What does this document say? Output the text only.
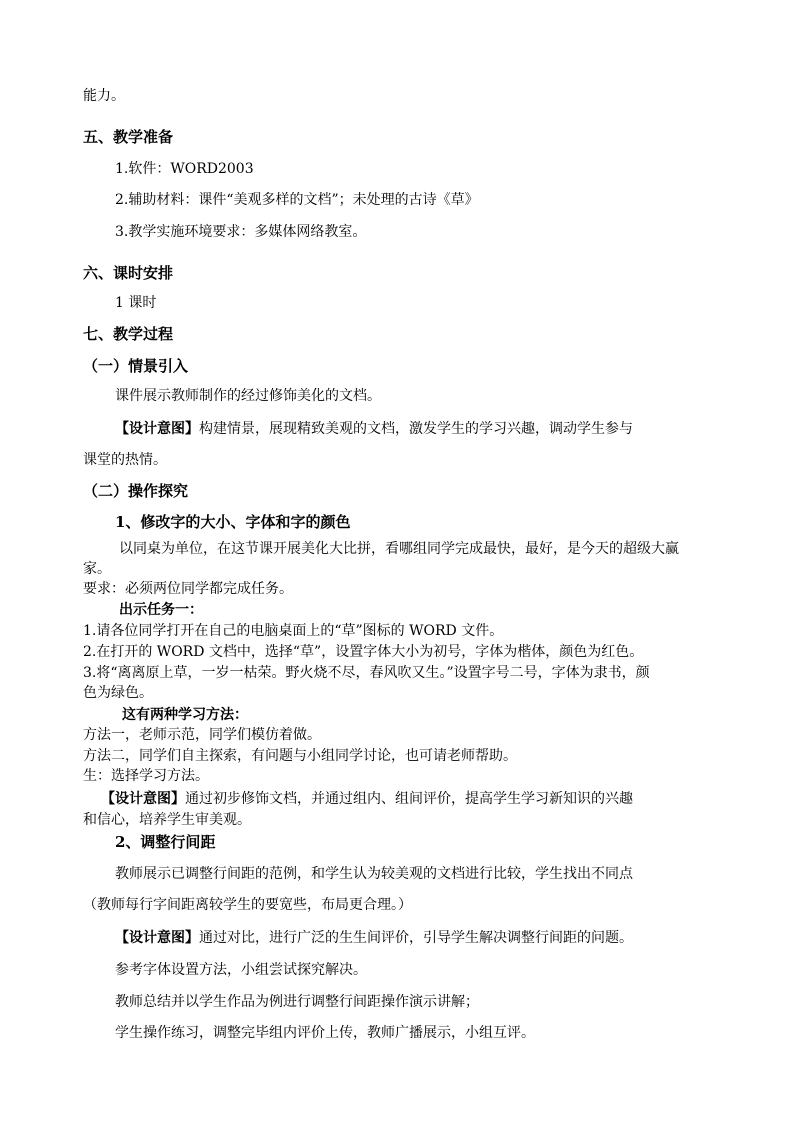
能力。
五、教学准备
1.软件：WORD2003
2.辅助材料：课件“美观多样的文档”；未处理的古诗《草》
3.教学实施环境要求：多媒体网络教室。
六、课时安排
1 课时
七、教学过程
（一）情景引入
课件展示教师制作的经过修饰美化的文档。
【设计意图】构建情景，展现精致美观的文档，激发学生的学习兴趣，调动学生参与
课堂的热情。
（二）操作探究
1、修改字的大小、字体和字的颜色
以同桌为单位，在这节课开展美化大比拼，看哪组同学完成最快，最好，是今天的超级大赢
家。
要求：必须两位同学都完成任务。
出示任务一：
1.请各位同学打开在自己的电脑桌面上的“草”图标的 WORD 文件。
2.在打开的 WORD 文档中，选择“草”，设置字体大小为初号，字体为楷体，颜色为红色。
3.将“离离原上草，一岁一枯荣。野火烧不尽，春风吹又生。”设置字号二号，字体为隶书，颜
色为绿色。
这有两种学习方法：
方法一，老师示范，同学们模仿着做。
方法二，同学们自主探索，有问题与小组同学讨论，也可请老师帮助。
生：选择学习方法。
【设计意图】通过初步修饰文档，并通过组内、组间评价，提高学生学习新知识的兴趣
和信心，培养学生审美观。
2、调整行间距
教师展示已调整行间距的范例，和学生认为较美观的文档进行比较，学生找出不同点
（教师每行字间距离较学生的要宽些，布局更合理。）
【设计意图】通过对比，进行广泛的生生间评价，引导学生解决调整行间距的问题。
参考字体设置方法，小组尝试探究解决。
教师总结并以学生作品为例进行调整行间距操作演示讲解；
学生操作练习，调整完毕组内评价上传，教师广播展示，小组互评。
